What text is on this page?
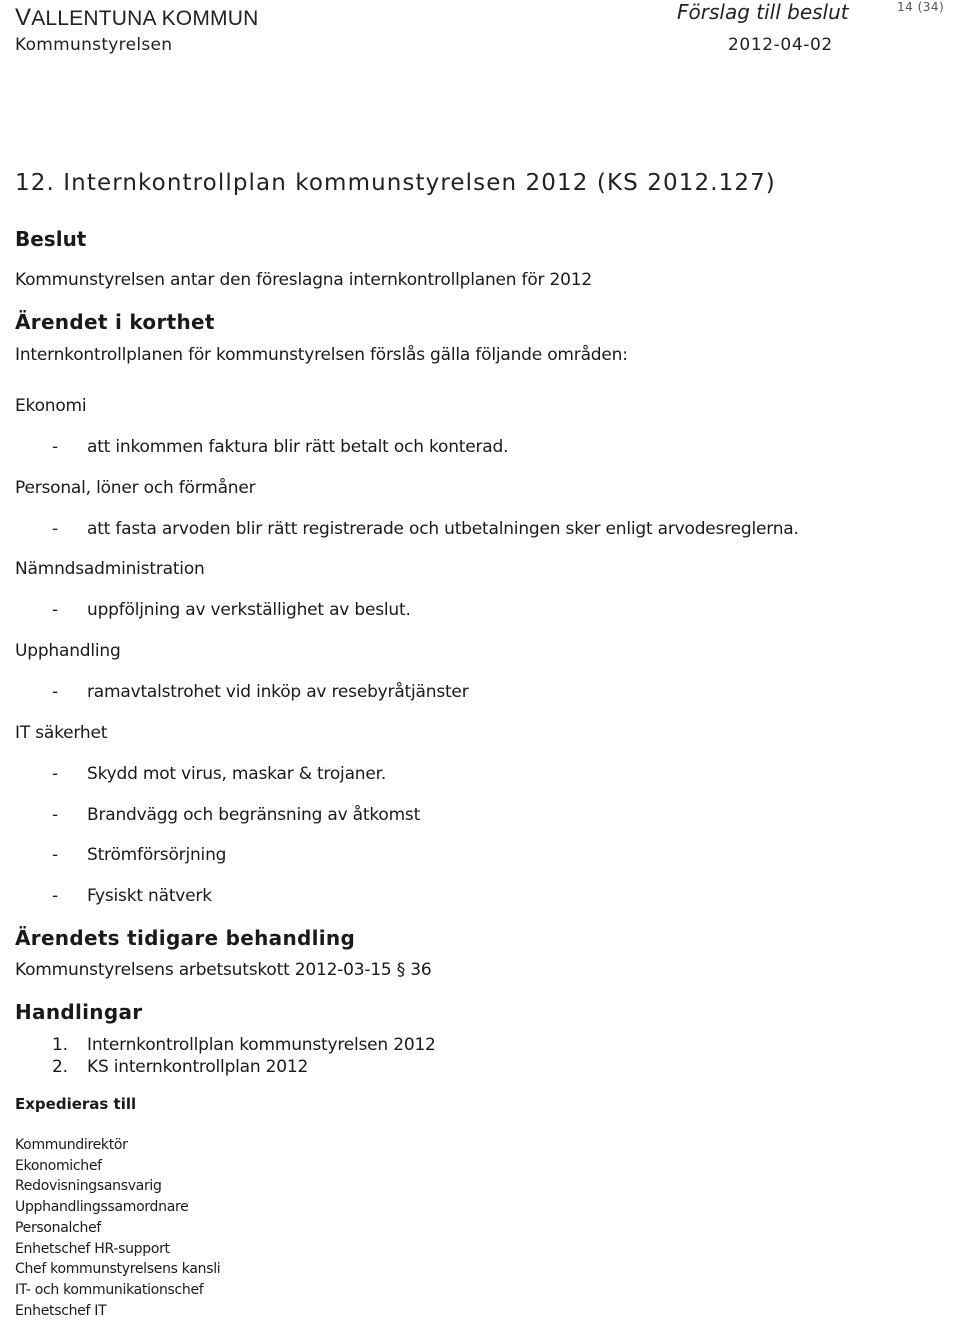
VALLENTUNA KOMMUN
Kommunstyrelsen
Förslag till beslut
2012-04-02
14 (34)
12. Internkontrollplan kommunstyrelsen 2012 (KS 2012.127)
Beslut
Kommunstyrelsen antar den föreslagna internkontrollplanen för 2012
Ärendet i korthet
Internkontrollplanen för kommunstyrelsen förslås gälla följande områden:
Ekonomi
- att inkommen faktura blir rätt betalt och konterad.
Personal, löner och förmåner
- att fasta arvoden blir rätt registrerade och utbetalningen sker enligt arvodesreglerna.
Nämndsadministration
- uppföljning av verkställighet av beslut.
Upphandling
- ramavtalstrohet vid inköp av resebyråtjänster
IT säkerhet
- Skydd mot virus, maskar & trojaner.
- Brandvägg och begränsning av åtkomst
- Strömförsörjning
- Fysiskt nätverk
Ärendets tidigare behandling
Kommunstyrelsens arbetsutskott 2012-03-15 § 36
Handlingar
1. Internkontrollplan kommunstyrelsen 2012
2. KS internkontrollplan 2012
Expedieras till
Kommundirektör
Ekonomichef
Redovisningsansvarig
Upphandlingssamordnare
Personalchef
Enhetschef HR-support
Chef kommunstyrelsens kansli
IT- och kommunikationschef
Enhetschef IT
